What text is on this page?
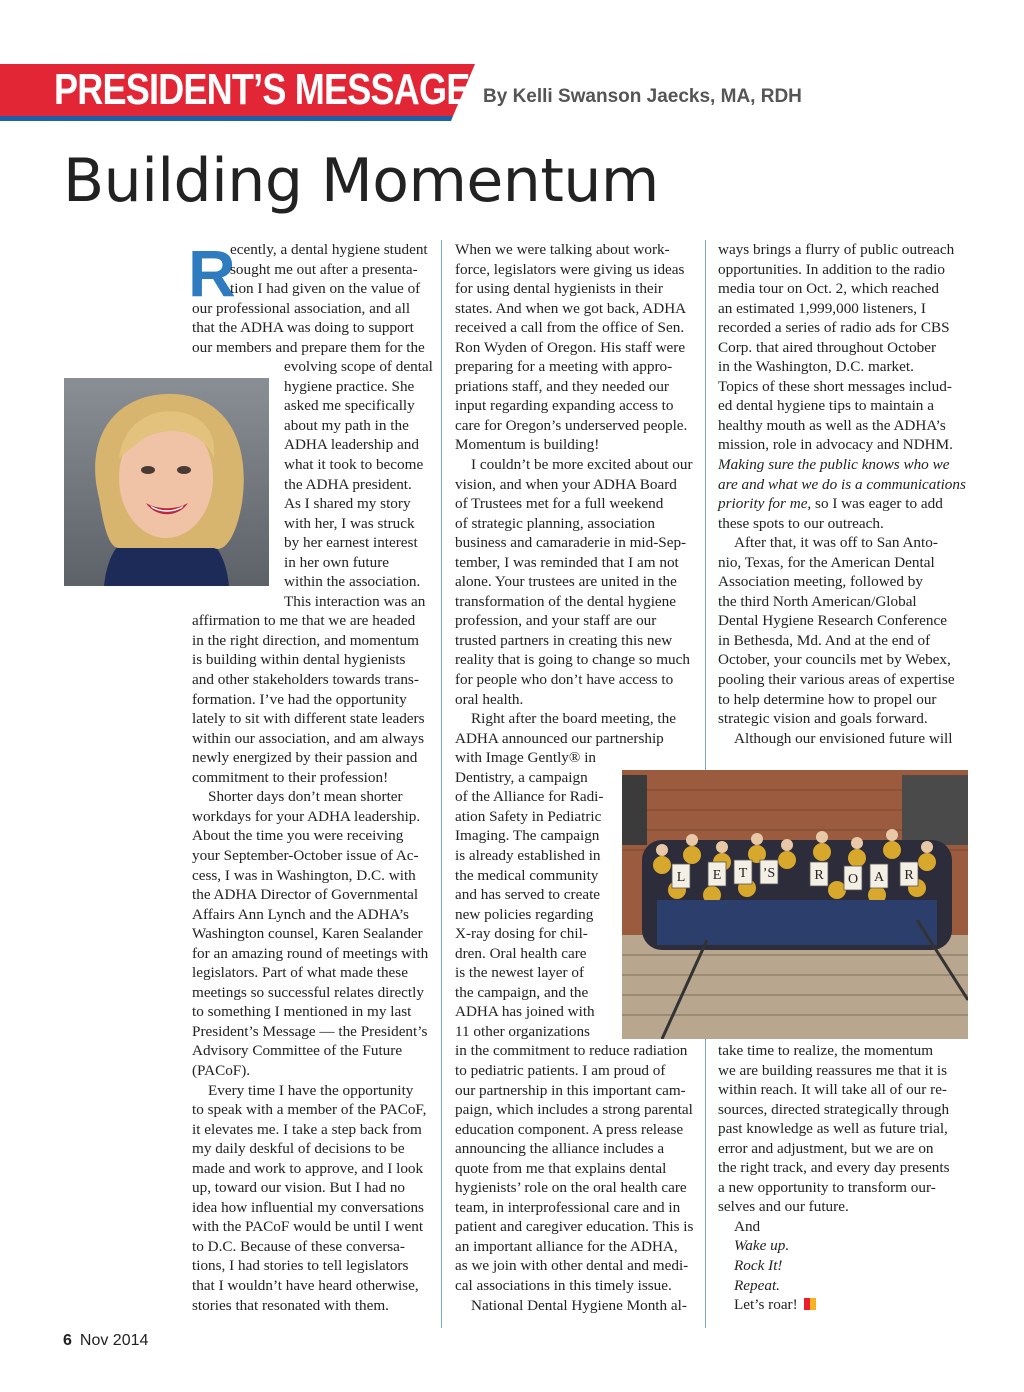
PRESIDENT’S MESSAGE By Kelli Swanson Jaecks, MA, RDH
Building Momentum
R
L E T ’S	R O A R
ecently, a dental hygiene student
sought me out after a presenta-
tion I had given on the value of
our professional association, and all
that the ADHA was doing to support
our members and prepare them for the
evolving scope of dental
hygiene practice. She
asked me specifically
about my path in the
ADHA leadership and
what it took to become
the ADHA president.
As I shared my story
with her, I was struck
by her earnest interest
in her own future
within the association.
This interaction was an
affirmation to me that we are headed
in the right direction, and momentum
is building within dental hygienists
and other stakeholders towards trans-
formation. I’ve had the opportunity
lately to sit with different state leaders
within our association, and am always
newly energized by their passion and
commitment to their profession!
Shorter days don’t mean shorter
workdays for your ADHA leadership.
About the time you were receiving
your September-October issue of Ac-
cess, I was in Washington, D.C. with
the ADHA Director of Governmental
Affairs Ann Lynch and the ADHA’s
Washington counsel, Karen Sealander
for an amazing round of meetings with
legislators. Part of what made these
meetings so successful relates directly
to something I mentioned in my last
President’s Message — the President’s
Advisory Committee of the Future
(PACoF).
Every time I have the opportunity
to speak with a member of the PACoF,
it elevates me. I take a step back from
my daily deskful of decisions to be
made and work to approve, and I look
up, toward our vision. But I had no
idea how influential my conversations
with the PACoF would be until I went
to D.C. Because of these conversa-
tions, I had stories to tell legislators
that I wouldn’t have heard otherwise,
stories that resonated with them.
When we were talking about work-
force, legislators were giving us ideas
for using dental hygienists in their
states. And when we got back, ADHA
received a call from the office of Sen.
Ron Wyden of Oregon. His staff were
preparing for a meeting with appro-
priations staff, and they needed our
input regarding expanding access to
care for Oregon’s underserved people.
Momentum is building!
I couldn’t be more excited about our
vision, and when your ADHA Board
of Trustees met for a full weekend
of strategic planning, association
business and camaraderie in mid-Sep-
tember, I was reminded that I am not
alone. Your trustees are united in the
transformation of the dental hygiene
profession, and your staff are our
trusted partners in creating this new
reality that is going to change so much
for people who don’t have access to
oral health.
Right after the board meeting, the
ADHA announced our partnership
with Image Gently® in
Dentistry, a campaign
of the Alliance for Radi-
ation Safety in Pediatric
Imaging. The campaign
is already established in
the medical community
and has served to create
new policies regarding
X-ray dosing for chil-
dren. Oral health care
is the newest layer of
the campaign, and the
ADHA has joined with
11 other organizations
in the commitment to reduce radiation
to pediatric patients. I am proud of
our partnership in this important cam-
paign, which includes a strong parental
education component. A press release
announcing the alliance includes a
quote from me that explains dental
hygienists’ role on the oral health care
team, in interprofessional care and in
patient and caregiver education. This is
an important alliance for the ADHA,
as we join with other dental and medi-
cal associations in this timely issue.
National Dental Hygiene Month al-
ways brings a flurry of public outreach
opportunities. In addition to the radio
media tour on Oct. 2, which reached
an estimated 1,999,000 listeners, I
recorded a series of radio ads for CBS
Corp. that aired throughout October
in the Washington, D.C. market.
Topics of these short messages includ-
ed dental hygiene tips to maintain a
healthy mouth as well as the ADHA’s
mission, role in advocacy and NDHM.
Making sure the public knows who we
are and what we do is a communications
priority for me, so I was eager to add
these spots to our outreach.
After that, it was off to San Anto-
nio, Texas, for the American Dental
Association meeting, followed by
the third North American/Global
Dental Hygiene Research Conference
in Bethesda, Md. And at the end of
October, your councils met by Webex,
pooling their various areas of expertise
to help determine how to propel our
strategic vision and goals forward.
Although our envisioned future will
take time to realize, the momentum
we are building reassures me that it is
within reach. It will take all of our re-
sources, directed strategically through
past knowledge as well as future trial,
error and adjustment, but we are on
the right track, and every day presents
a new opportunity to transform our-
selves and our future.
And
Wake up.
Rock It!
Repeat.
Let’s roar!
6 Nov 2014
